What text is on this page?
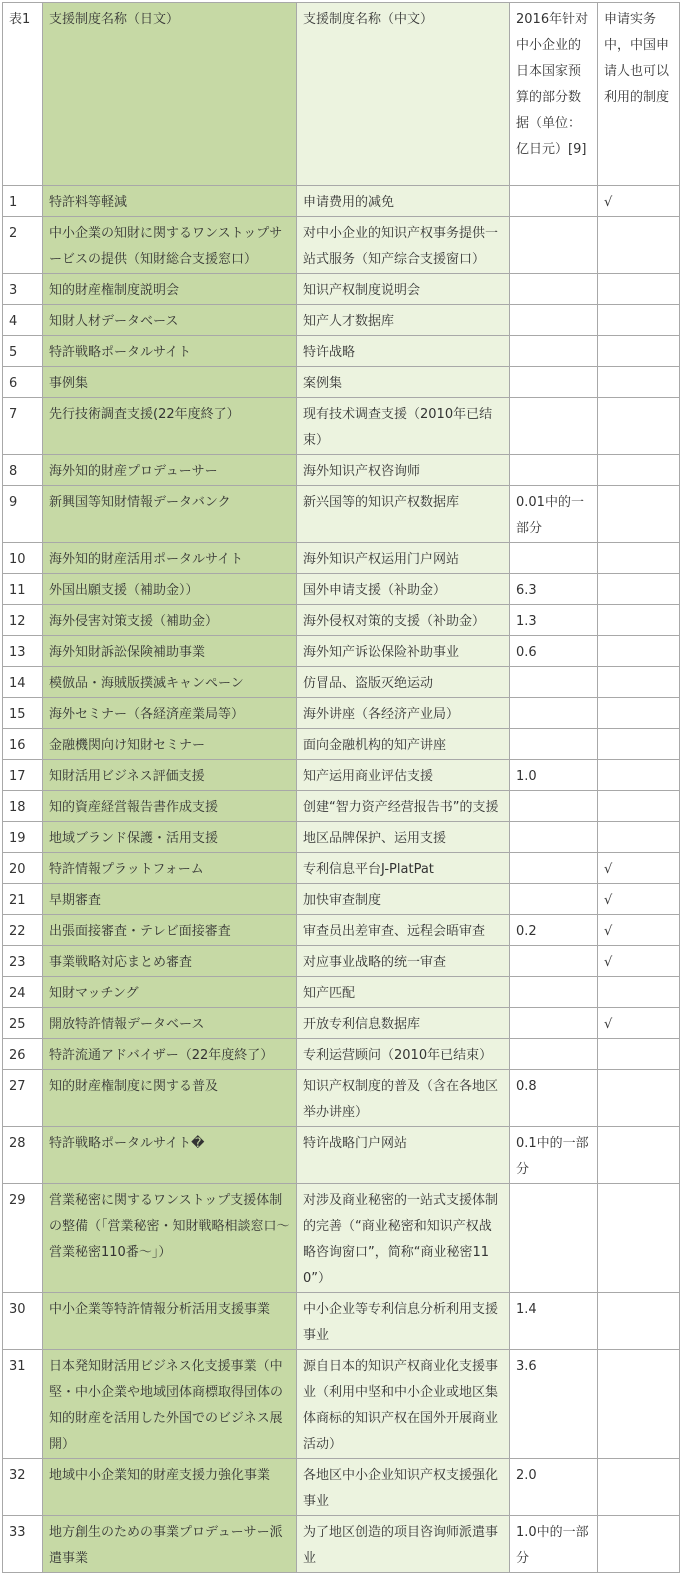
表1	支援制度名称（日文）	支援制度名称（中文）	2016年针对中小企业的日本国家预算的部分数据（单位：亿日元）[9]	申请实务中，中国申请人也可以利用的制度
1	特許料等軽減	申请费用的减免		√
2	中小企業の知財に関するワンストップサービスの提供（知財総合支援窓口）	对中小企业的知识产权事务提供一站式服务（知产综合支援窗口）		
3	知的財産権制度説明会	知识产权制度说明会		
4	知財人材データベース	知产人才数据库		
5	特許戦略ポータルサイト	特许战略		
6	事例集	案例集		
7	先行技術調査支援(22年度終了）	现有技术调查支援（2010年已结束）		
8	海外知的財産プロデューサー	海外知识产权咨询师		
9	新興国等知財情報データバンク	新兴国等的知识产权数据库	0.01中的一部分	
10	海外知的財産活用ポータルサイト	海外知识产权运用门户网站		
11	外国出願支援（補助金））	国外申请支援（补助金）	6.3	
12	海外侵害対策支援（補助金）	海外侵权对策的支援（补助金）	1.3	
13	海外知財訴訟保険補助事業	海外知产诉讼保险补助事业	0.6	
14	模倣品・海賊版撲滅キャンペーン	仿冒品、盗版灭绝运动		
15	海外セミナー（各経済産業局等）	海外讲座（各经济产业局）		
16	金融機関向け知財セミナー	面向金融机构的知产讲座		
17	知財活用ビジネス評価支援	知产运用商业评估支援	1.0	
18	知的資産経営報告書作成支援	创建“智力资产经营报告书”的支援		
19	地域ブランド保護・活用支援	地区品牌保护、运用支援		
20	特許情報プラットフォーム	专利信息平台J-PlatPat		√
21	早期審査	加快审查制度		√
22	出張面接審査・テレビ面接審査	审查员出差审查、远程会晤审查	0.2	√
23	事業戦略対応まとめ審査	对应事业战略的统一审查		√
24	知財マッチング	知产匹配		
25	開放特許情報データベース	开放专利信息数据库		√
26	特許流通アドバイザー（22年度終了）	专利运营顾问（2010年已结束）		
27	知的財産権制度に関する普及	知识产权制度的普及（含在各地区举办讲座）	0.8	
28	特許戦略ポータルサイト�	特许战略门户网站	0.1中的一部分	
29	営業秘密に関するワンストップ支援体制の整備（「営業秘密・知財戦略相談窓口～営業秘密110番～」）	对涉及商业秘密的一站式支援体制的完善（“商业秘密和知识产权战略咨询窗口”，简称“商业秘密110”）		
30	中小企業等特許情報分析活用支援事業	中小企业等专利信息分析利用支援事业	1.4	
31	日本発知財活用ビジネス化支援事業（中堅・中小企業や地域団体商標取得団体の知的財産を活用した外国でのビジネス展開）	源自日本的知识产权商业化支援事业（利用中坚和中小企业或地区集体商标的知识产权在国外开展商业活动）	3.6	
32	地域中小企業知的財産支援力強化事業	各地区中小企业知识产权支援强化事业	2.0	
33	地方創生のための事業プロデューサー派遣事業	为了地区创造的项目咨询师派遣事业	1.0中的一部分	
